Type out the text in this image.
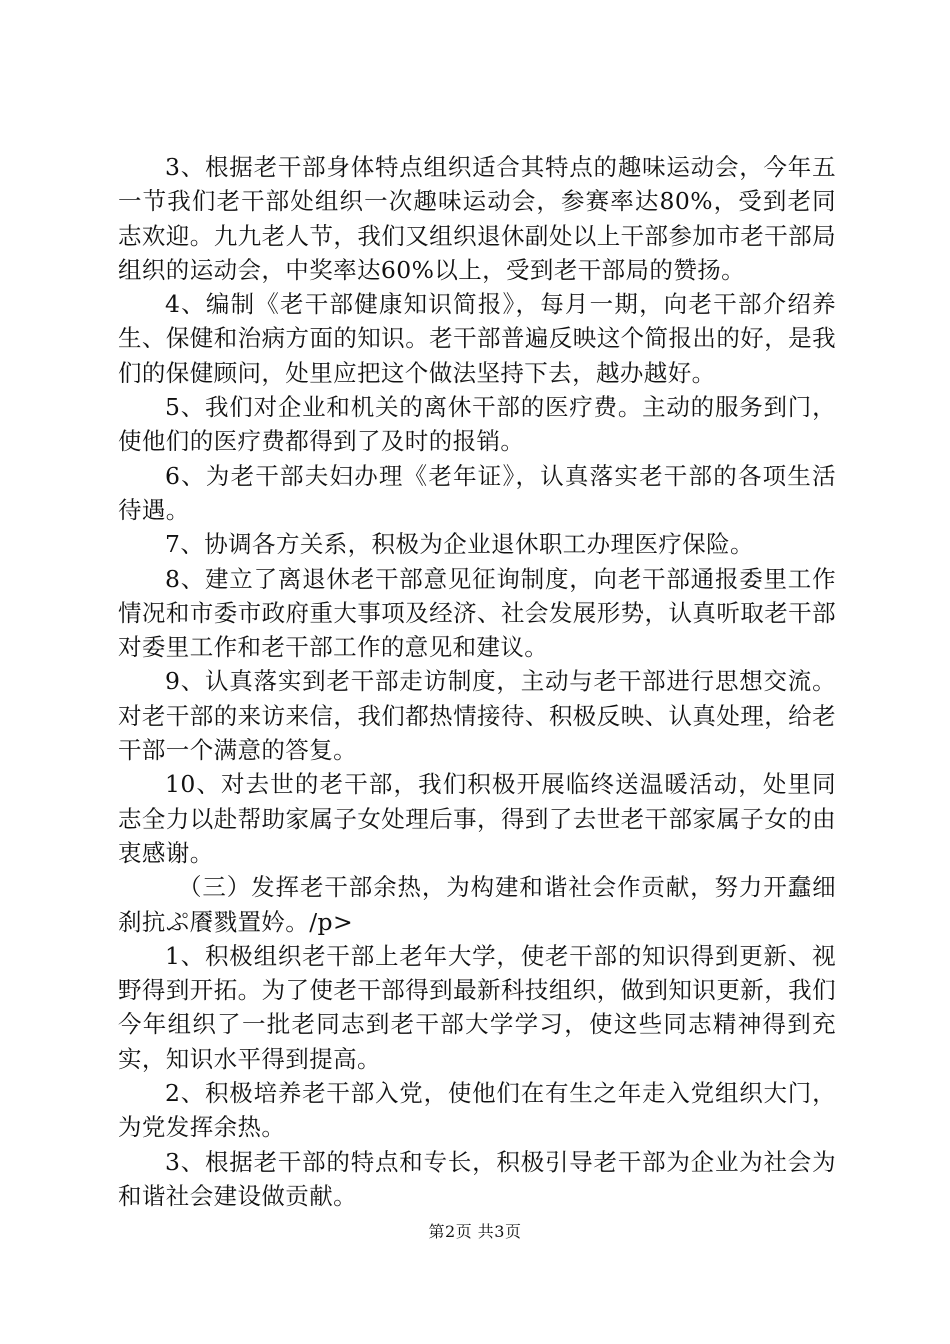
3、根据老干部身体特点组织适合其特点的趣味运动会，今年五一节我们老干部处组织一次趣味运动会，参赛率达80%，受到老同志欢迎。九九老人节，我们又组织退休副处以上干部参加市老干部局组织的运动会，中奖率达60%以上，受到老干部局的赞扬。

4、编制《老干部健康知识简报》，每月一期，向老干部介绍养生、保健和治病方面的知识。老干部普遍反映这个简报出的好，是我们的保健顾问，处里应把这个做法坚持下去，越办越好。

5、我们对企业和机关的离休干部的医疗费。主动的服务到门，使他们的医疗费都得到了及时的报销。

6、为老干部夫妇办理《老年证》，认真落实老干部的各项生活待遇。

7、协调各方关系，积极为企业退休职工办理医疗保险。

8、建立了离退休老干部意见征询制度，向老干部通报委里工作情况和市委市政府重大事项及经济、社会发展形势，认真听取老干部对委里工作和老干部工作的意见和建议。

9、认真落实到老干部走访制度，主动与老干部进行思想交流。对老干部的来访来信，我们都热情接待、积极反映、认真处理，给老干部一个满意的答复。

10、对去世的老干部，我们积极开展临终送温暖活动，处里同志全力以赴帮助家属子女处理后事，得到了去世老干部家属子女的由衷感谢。

（三）发挥老干部余热，为构建和谐社会作贡献，努力开蠢细刹抗ぷ餍戮置妗。/p>

1、积极组织老干部上老年大学，使老干部的知识得到更新、视野得到开拓。为了使老干部得到最新科技组织，做到知识更新，我们今年组织了一批老同志到老干部大学学习，使这些同志精神得到充实，知识水平得到提高。

2、积极培养老干部入党，使他们在有生之年走入党组织大门，为党发挥余热。

3、根据老干部的特点和专长，积极引导老干部为企业为社会为和谐社会建设做贡献。

第2页 共3页
